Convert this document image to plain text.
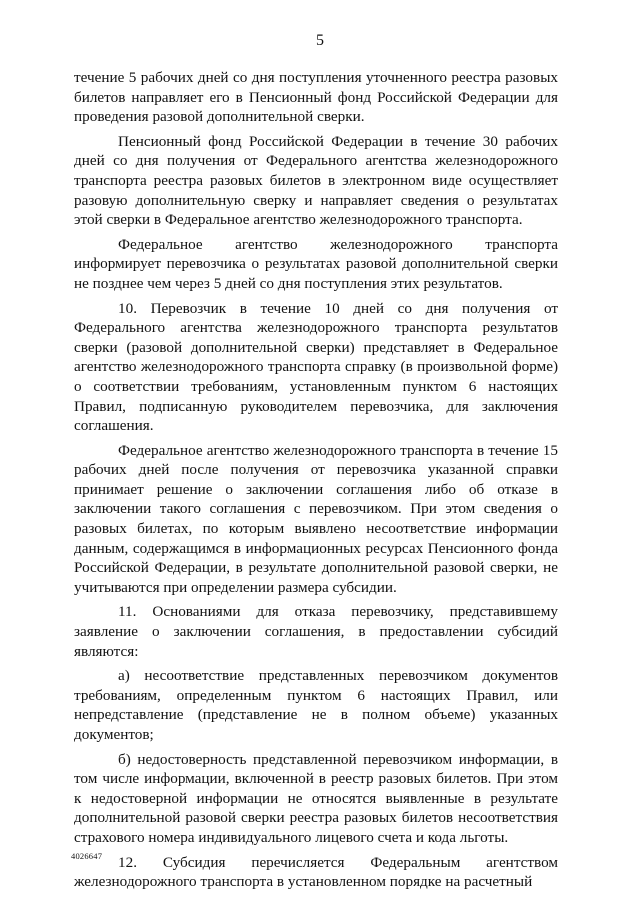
5

течение 5 рабочих дней со дня поступления уточненного реестра разовых билетов направляет его в Пенсионный фонд Российской Федерации для проведения разовой дополнительной сверки.

Пенсионный фонд Российской Федерации в течение 30 рабочих дней со дня получения от Федерального агентства железнодорожного транспорта реестра разовых билетов в электронном виде осуществляет разовую дополнительную сверку и направляет сведения о результатах этой сверки в Федеральное агентство железнодорожного транспорта.

Федеральное агентство железнодорожного транспорта информирует перевозчика о результатах разовой дополнительной сверки не позднее чем через 5 дней со дня поступления этих результатов.

10. Перевозчик в течение 10 дней со дня получения от Федерального агентства железнодорожного транспорта результатов сверки (разовой дополнительной сверки) представляет в Федеральное агентство железнодорожного транспорта справку (в произвольной форме) о соответствии требованиям, установленным пунктом 6 настоящих Правил, подписанную руководителем перевозчика, для заключения соглашения.

Федеральное агентство железнодорожного транспорта в течение 15 рабочих дней после получения от перевозчика указанной справки принимает решение о заключении соглашения либо об отказе в заключении такого соглашения с перевозчиком. При этом сведения о разовых билетах, по которым выявлено несоответствие информации данным, содержащимся в информационных ресурсах Пенсионного фонда Российской Федерации, в результате дополнительной разовой сверки, не учитываются при определении размера субсидии.

11. Основаниями для отказа перевозчику, представившему заявление о заключении соглашения, в предоставлении субсидий являются:

а) несоответствие представленных перевозчиком документов требованиям, определенным пунктом 6 настоящих Правил, или непредставление (представление не в полном объеме) указанных документов;

б) недостоверность представленной перевозчиком информации, в том числе информации, включенной в реестр разовых билетов. При этом к недостоверной информации не относятся выявленные в результате дополнительной разовой сверки реестра разовых билетов несоответствия страхового номера индивидуального лицевого счета и кода льготы.

12. Субсидия перечисляется Федеральным агентством железнодорожного транспорта в установленном порядке на расчетный

4026647
